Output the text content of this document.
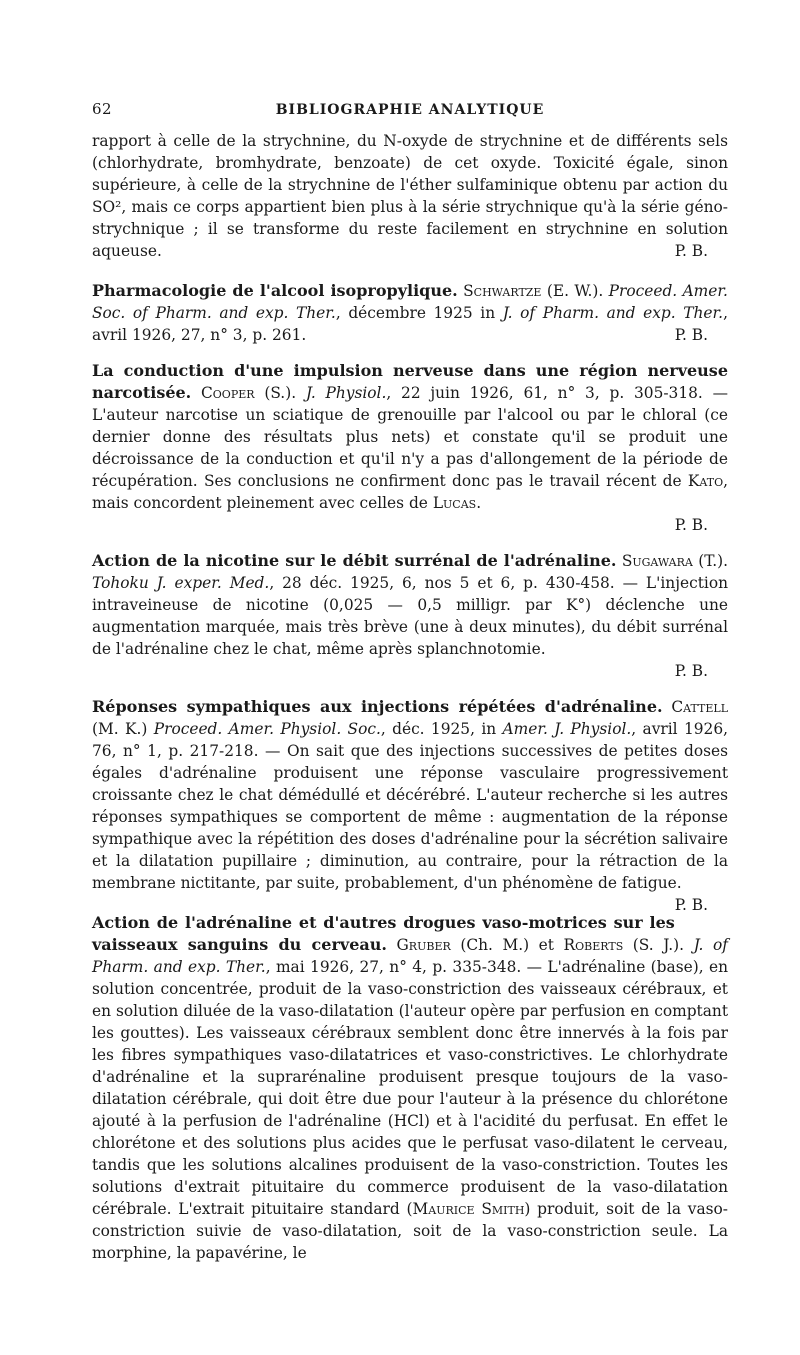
62	BIBLIOGRAPHIE ANALYTIQUE

rapport à celle de la strychnine, du N-oxyde de strychnine et de différents sels (chlorhydrate, bromhydrate, benzoate) de cet oxyde. Toxicité égale, sinon supérieure, à celle de la strychnine de l'éther sulfaminique obtenu par action du SO², mais ce corps appartient bien plus à la série strychnique qu'à la série géno-strychnique ; il se transforme du reste facilement en strychnine en solution aqueuse.	P. B.

Pharmacologie de l'alcool isopropylique. Schwartze (E. W.). Proceed. Amer. Soc. of Pharm. and exp. Ther., décembre 1925 in J. of Pharm. and exp. Ther., avril 1926, 27, n° 3, p. 261.	P. B.

La conduction d'une impulsion nerveuse dans une région nerveuse narcotisée. Cooper (S.). J. Physiol., 22 juin 1926, 61, n° 3, p. 305-318. — L'auteur narcotise un sciatique de grenouille par l'alcool ou par le chloral (ce dernier donne des résultats plus nets) et constate qu'il se produit une décroissance de la conduction et qu'il n'y a pas d'allongement de la période de récupération. Ses conclusions ne confirment donc pas le travail récent de Kato, mais concordent pleinement avec celles de Lucas.
P. B.

Action de la nicotine sur le débit surrénal de l'adrénaline. Sugawara (T.). Tohoku J. exper. Med., 28 déc. 1925, 6, nos 5 et 6, p. 430-458. — L'injection intraveineuse de nicotine (0,025 — 0,5 milligr. par K°) déclenche une augmentation marquée, mais très brève (une à deux minutes), du débit surrénal de l'adrénaline chez le chat, même après splanchnotomie.
P. B.

Réponses sympathiques aux injections répétées d'adrénaline. Cattell (M. K.) Proceed. Amer. Physiol. Soc., déc. 1925, in Amer. J. Physiol., avril 1926, 76, n° 1, p. 217-218. — On sait que des injections successives de petites doses égales d'adrénaline produisent une réponse vasculaire progressivement croissante chez le chat démédullé et décérébré. L'auteur recherche si les autres réponses sympathiques se comportent de même : augmentation de la réponse sympathique avec la répétition des doses d'adrénaline pour la sécrétion salivaire et la dilatation pupillaire ; diminution, au contraire, pour la rétraction de la membrane nictitante, par suite, probablement, d'un phénomène de fatigue.
P. B.

Action de l'adrénaline et d'autres drogues vaso-motrices sur les vaisseaux sanguins du cerveau. Gruber (Ch. M.) et Roberts (S. J.). J. of Pharm. and exp. Ther., mai 1926, 27, n° 4, p. 335-348. — L'adrénaline (base), en solution concentrée, produit de la vaso-constriction des vaisseaux cérébraux, et en solution diluée de la vaso-dilatation (l'auteur opère par perfusion en comptant les gouttes). Les vaisseaux cérébraux semblent donc être innervés à la fois par les fibres sympathiques vaso-dilatatrices et vaso-constrictives. Le chlorhydrate d'adrénaline et la suprarénaline produisent presque toujours de la vaso-dilatation cérébrale, qui doit être due pour l'auteur à la présence du chlorétone ajouté à la perfusion de l'adrénaline (HCl) et à l'acidité du perfusat. En effet le chlorétone et des solutions plus acides que le perfusat vaso-dilatent le cerveau, tandis que les solutions alcalines produisent de la vaso-constriction. Toutes les solutions d'extrait pituitaire du commerce produisent de la vaso-dilatation cérébrale. L'extrait pituitaire standard (Maurice Smith) produit, soit de la vaso-constriction suivie de vaso-dilatation, soit de la vaso-constriction seule. La morphine, la papavérine, le
